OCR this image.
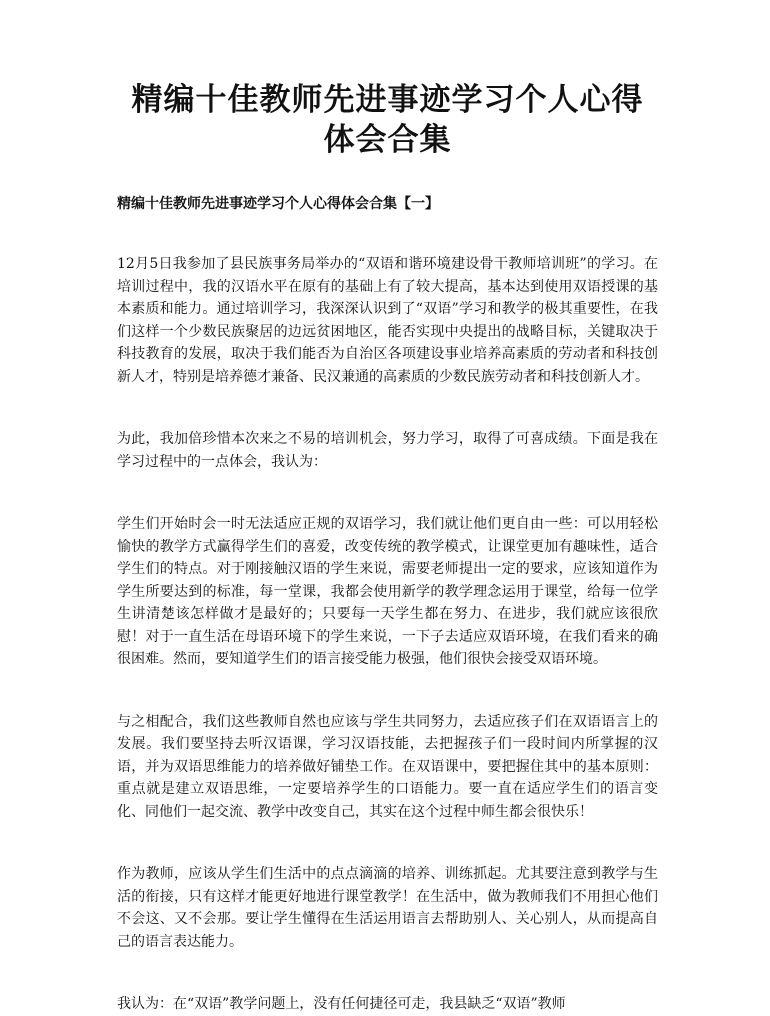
精编十佳教师先进事迹学习个人心得体会合集
精编十佳教师先进事迹学习个人心得体会合集【一】

12月5日我参加了县民族事务局举办的“双语和谐环境建设骨干教师培训班”的学习。在培训过程中，我的汉语水平在原有的基础上有了较大提高，基本达到使用双语授课的基本素质和能力。通过培训学习，我深深认识到了“双语”学习和教学的极其重要性，在我们这样一个少数民族聚居的边远贫困地区，能否实现中央提出的战略目标，关键取决于科技教育的发展，取决于我们能否为自治区各项建设事业培养高素质的劳动者和科技创新人才，特别是培养德才兼备、民汉兼通的高素质的少数民族劳动者和科技创新人才。

为此，我加倍珍惜本次来之不易的培训机会，努力学习，取得了可喜成绩。下面是我在学习过程中的一点体会，我认为：

学生们开始时会一时无法适应正规的双语学习，我们就让他们更自由一些：可以用轻松愉快的教学方式赢得学生们的喜爱，改变传统的教学模式，让课堂更加有趣味性，适合学生们的特点。对于刚接触汉语的学生来说，需要老师提出一定的要求，应该知道作为学生所要达到的标准，每一堂课，我都会使用新学的教学理念运用于课堂，给每一位学生讲清楚该怎样做才是最好的；只要每一天学生都在努力、在进步，我们就应该很欣慰！对于一直生活在母语环境下的学生来说，一下子去适应双语环境，在我们看来的确很困难。然而，要知道学生们的语言接受能力极强，他们很快会接受双语环境。

与之相配合，我们这些教师自然也应该与学生共同努力，去适应孩子们在双语语言上的发展。我们要坚持去听汉语课，学习汉语技能，去把握孩子们一段时间内所掌握的汉语，并为双语思维能力的培养做好铺垫工作。在双语课中，要把握住其中的基本原则：重点就是建立双语思维，一定要培养学生的口语能力。要一直在适应学生们的语言变化、同他们一起交流、教学中改变自己，其实在这个过程中师生都会很快乐！

作为教师，应该从学生们生活中的点点滴滴的培养、训练抓起。尤其要注意到教学与生活的衔接，只有这样才能更好地进行课堂教学！在生活中，做为教师我们不用担心他们不会这、又不会那。要让学生懂得在生活运用语言去帮助别人、关心别人，从而提高自己的语言表达能力。

我认为：在“双语”教学问题上，没有任何捷径可走，我县缺乏“双语”教师
